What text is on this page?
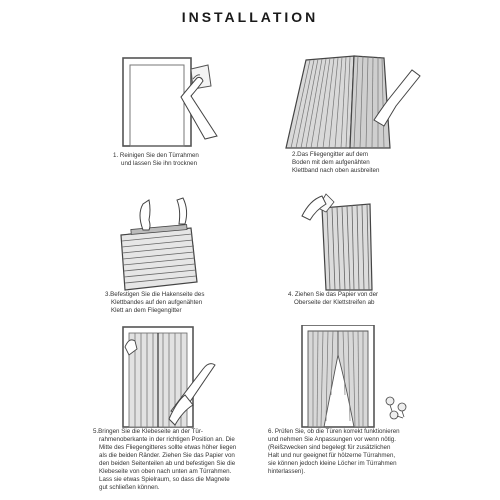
INSTALLATION
1. Reinigen Sie den Türrahmen
und lassen Sie ihn trocknen
2.Das Fliegengitter auf dem
Boden mit dem aufgenähten
Klettband nach oben ausbreiten
3.Befestigen Sie die Hakenseite des
Klettbandes auf den aufgenähten
Klett an dem Fliegengitter
4. Ziehen Sie das Papier von der
Oberseite der Klettstreifen ab
5.Bringen Sie die Klebeseite an der Tür-
rahmenoberkante in der richtigen Position an. Die
Mitte des Fliegengitteres sollte etwas höher liegen
als die beiden Ränder. Ziehen Sie das Papier von
den beiden Seitenteilen ab und befestigen Sie die
Klebeseite von oben nach unten am Türrahmen.
Lass sie etwas Spielraum, so dass die Magnete
gut schließen können.
6. Prüfen Sie, ob die Türen korrekt funktionieren
und nehmen Sie Anpassungen vor wenn nötig.
(Reißzwecken sind begelegt für zusätzlichen
Halt und nur geeignet für hölzerne Türrahmen,
sie können jedoch kleine Löcher im Türrahmen
hinterlassen).
